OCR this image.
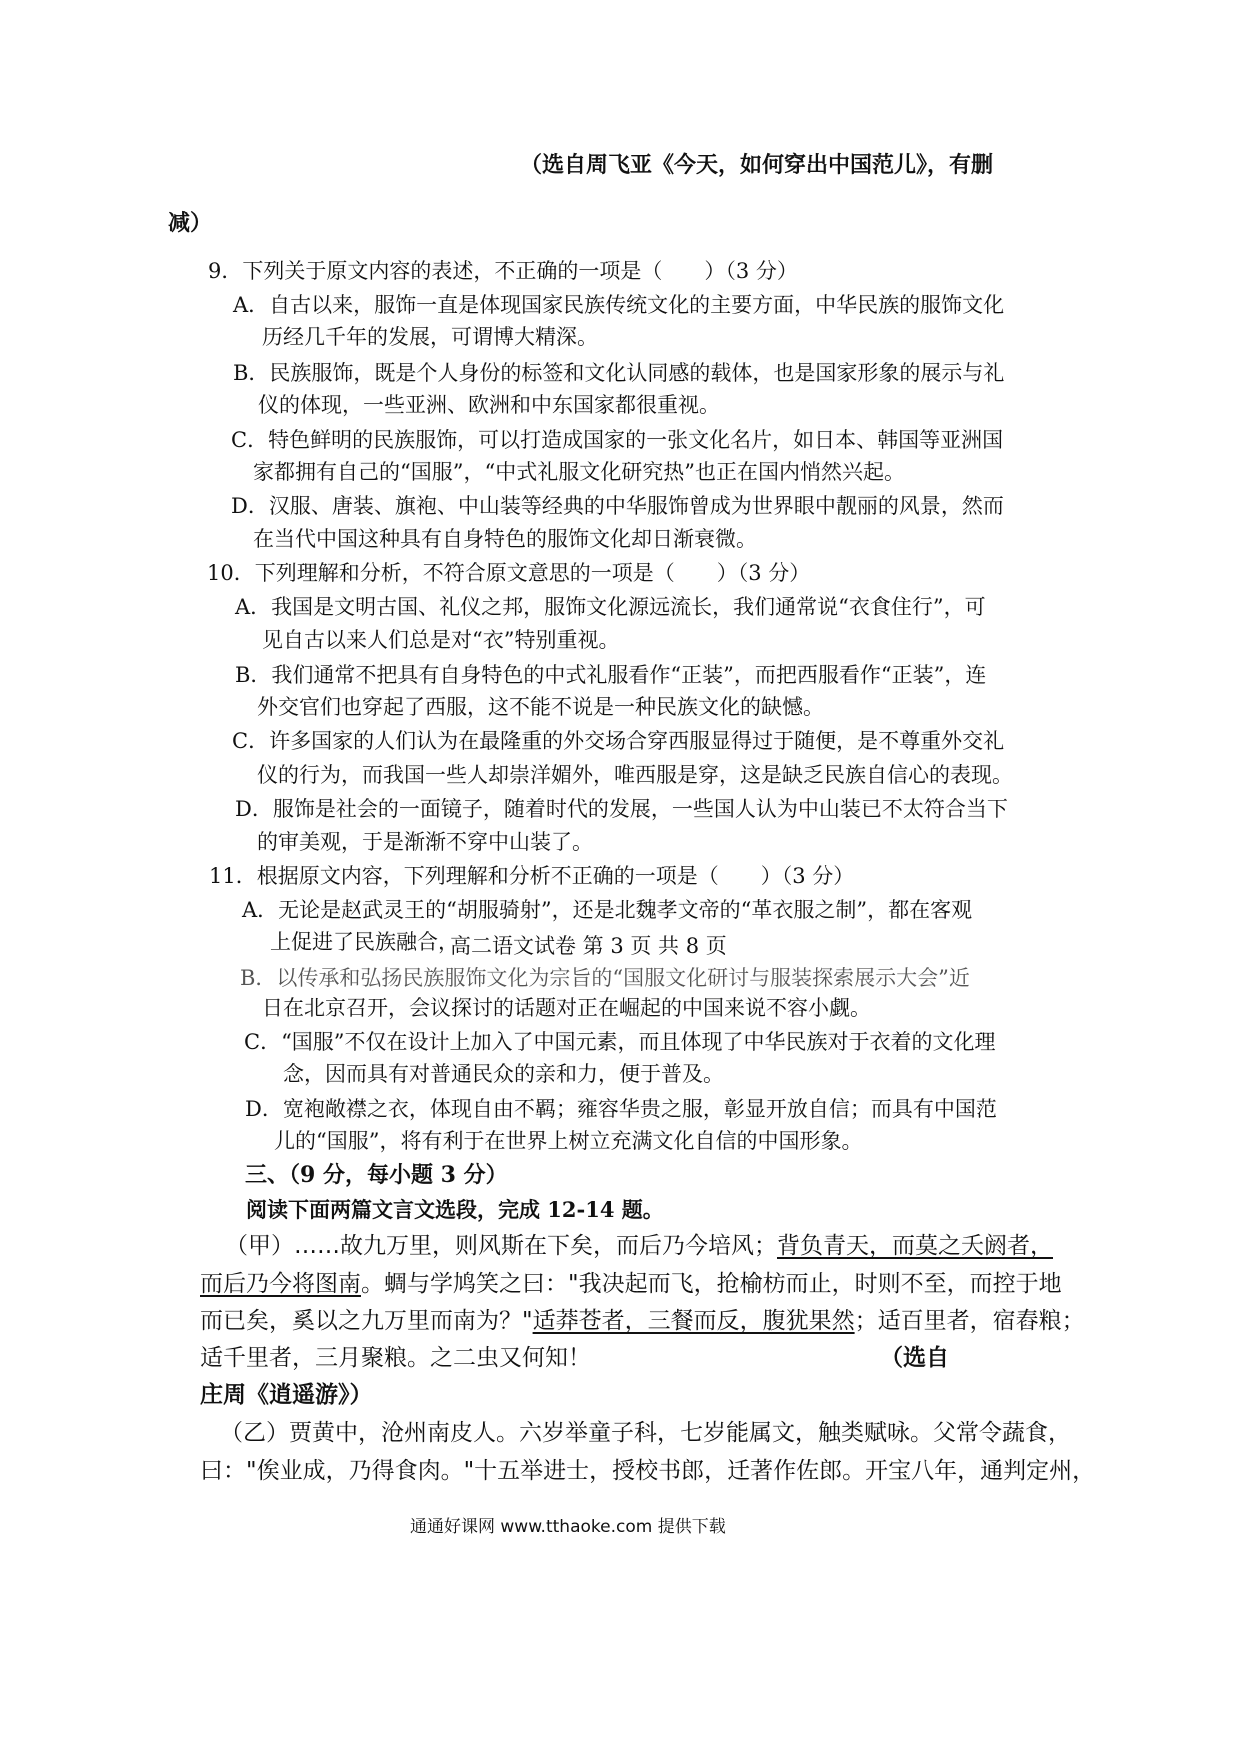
（选自周飞亚《今天，如何穿出中国范儿》，有删
减）
9．下列关于原文内容的表述，不正确的一项是（　　）（3 分）
A．自古以来，服饰一直是体现国家民族传统文化的主要方面，中华民族的服饰文化
历经几千年的发展，可谓博大精深。
B．民族服饰，既是个人身份的标签和文化认同感的载体，也是国家形象的展示与礼
仪的体现，一些亚洲、欧洲和中东国家都很重视。
C．特色鲜明的民族服饰，可以打造成国家的一张文化名片，如日本、韩国等亚洲国
家都拥有自己的“国服”，“中式礼服文化研究热”也正在国内悄然兴起。
D．汉服、唐装、旗袍、中山装等经典的中华服饰曾成为世界眼中靓丽的风景，然而
在当代中国这种具有自身特色的服饰文化却日渐衰微。
10．下列理解和分析，不符合原文意思的一项是（　　）（3 分）
A．我国是文明古国、礼仪之邦，服饰文化源远流长，我们通常说“衣食住行”，可
见自古以来人们总是对“衣”特别重视。
B．我们通常不把具有自身特色的中式礼服看作“正装”，而把西服看作“正装”，连
外交官们也穿起了西服，这不能不说是一种民族文化的缺憾。
C．许多国家的人们认为在最隆重的外交场合穿西服显得过于随便，是不尊重外交礼
仪的行为，而我国一些人却崇洋媚外，唯西服是穿，这是缺乏民族自信心的表现。
D．服饰是社会的一面镜子，随着时代的发展，一些国人认为中山装已不太符合当下
的审美观，于是渐渐不穿中山装了。
11．根据原文内容，下列理解和分析不正确的一项是（　　）（3 分）
A．无论是赵武灵王的“胡服骑射”，还是北魏孝文帝的“革衣服之制”，都在客观
上促进了民族融合，
高二语文试卷 第 3 页 共 8 页
B．以传承和弘扬民族服饰文化为宗旨的“国服文化研讨与服装探索展示大会”近
日在北京召开，会议探讨的话题对正在崛起的中国来说不容小觑。
C．“国服”不仅在设计上加入了中国元素，而且体现了中华民族对于衣着的文化理
念，因而具有对普通民众的亲和力，便于普及。
D．宽袍敞襟之衣，体现自由不羁；雍容华贵之服，彰显开放自信；而具有中国范
儿的“国服”，将有利于在世界上树立充满文化自信的中国形象。
三、（9 分，每小题 3 分）
阅读下面两篇文言文选段，完成 12-14 题。
（甲）……故九万里，则风斯在下矣，而后乃今培风；背负青天，而莫之夭阏者，
而后乃今将图南。蜩与学鸠笑之曰："我决起而飞，抢榆枋而止，时则不至，而控于地
而已矣，奚以之九万里而南为？"适莽苍者，三餐而反，腹犹果然；适百里者，宿舂粮；
适千里者，三月聚粮。之二虫又何知！	（选自
庄周《逍遥游》）
（乙）贾黄中，沧州南皮人。六岁举童子科，七岁能属文，触类赋咏。父常令蔬食，
曰："俟业成，乃得食肉。"十五举进士，授校书郎，迁著作佐郎。开宝八年，通判定州，
通通好课网 www.tthaoke.com 提供下载
